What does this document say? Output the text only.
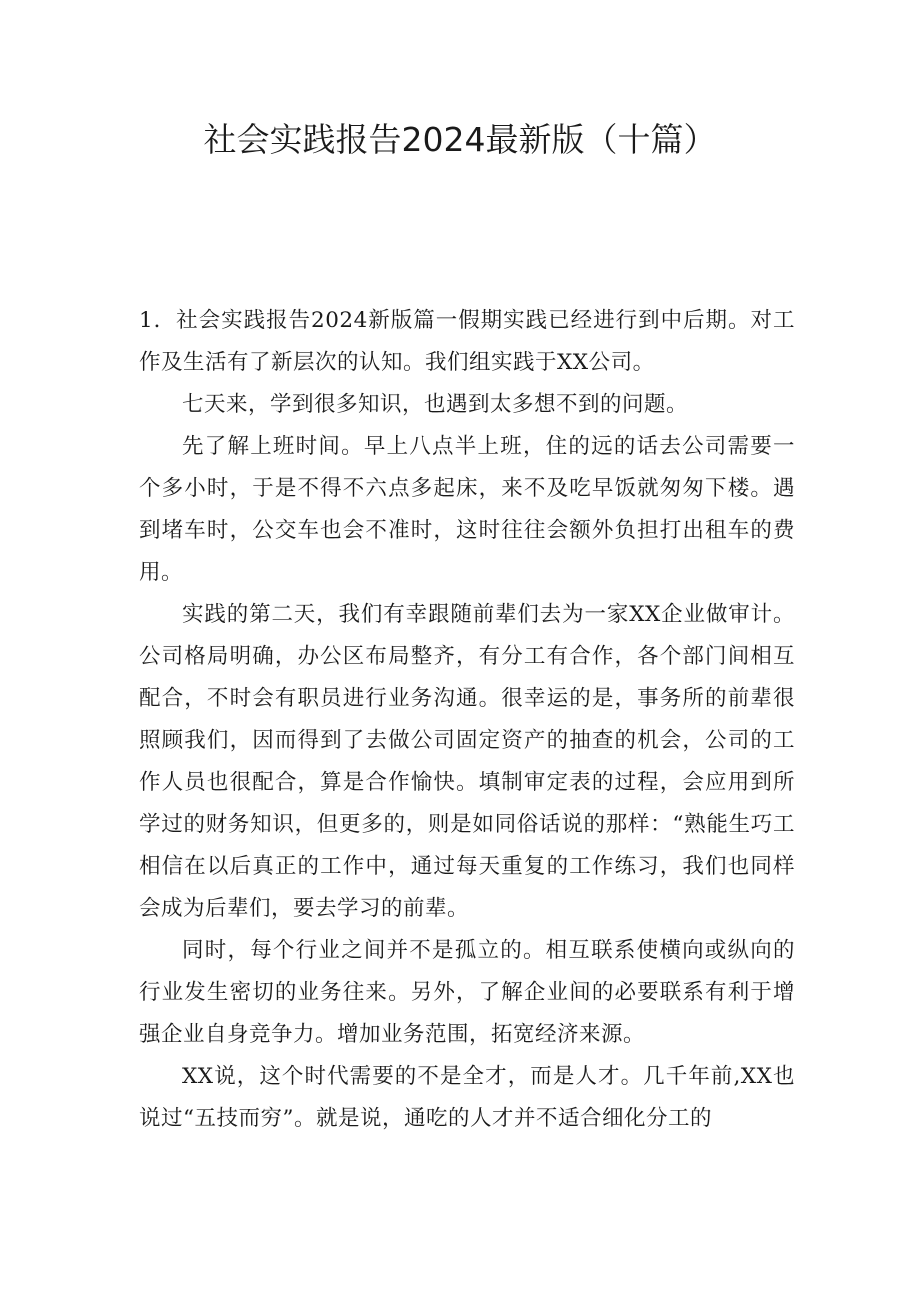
社会实践报告2024最新版（十篇）

1．社会实践报告2024新版篇一假期实践已经进行到中后期。对工作及生活有了新层次的认知。我们组实践于XX公司。

七天来，学到很多知识，也遇到太多想不到的问题。

先了解上班时间。早上八点半上班，住的远的话去公司需要一个多小时，于是不得不六点多起床，来不及吃早饭就匆匆下楼。遇到堵车时，公交车也会不准时，这时往往会额外负担打出租车的费用。

实践的第二天，我们有幸跟随前辈们去为一家XX企业做审计。公司格局明确，办公区布局整齐，有分工有合作，各个部门间相互配合，不时会有职员进行业务沟通。很幸运的是，事务所的前辈很照顾我们，因而得到了去做公司固定资产的抽查的机会，公司的工作人员也很配合，算是合作愉快。填制审定表的过程，会应用到所学过的财务知识，但更多的，则是如同俗话说的那样：“熟能生巧工相信在以后真正的工作中，通过每天重复的工作练习，我们也同样会成为后辈们，要去学习的前辈。

同时，每个行业之间并不是孤立的。相互联系使横向或纵向的行业发生密切的业务往来。另外，了解企业间的必要联系有利于增强企业自身竞争力。增加业务范围，拓宽经济来源。

XX说，这个时代需要的不是全才，而是人才。几千年前,XX也说过“五技而穷”。就是说，通吃的人才并不适合细化分工的
